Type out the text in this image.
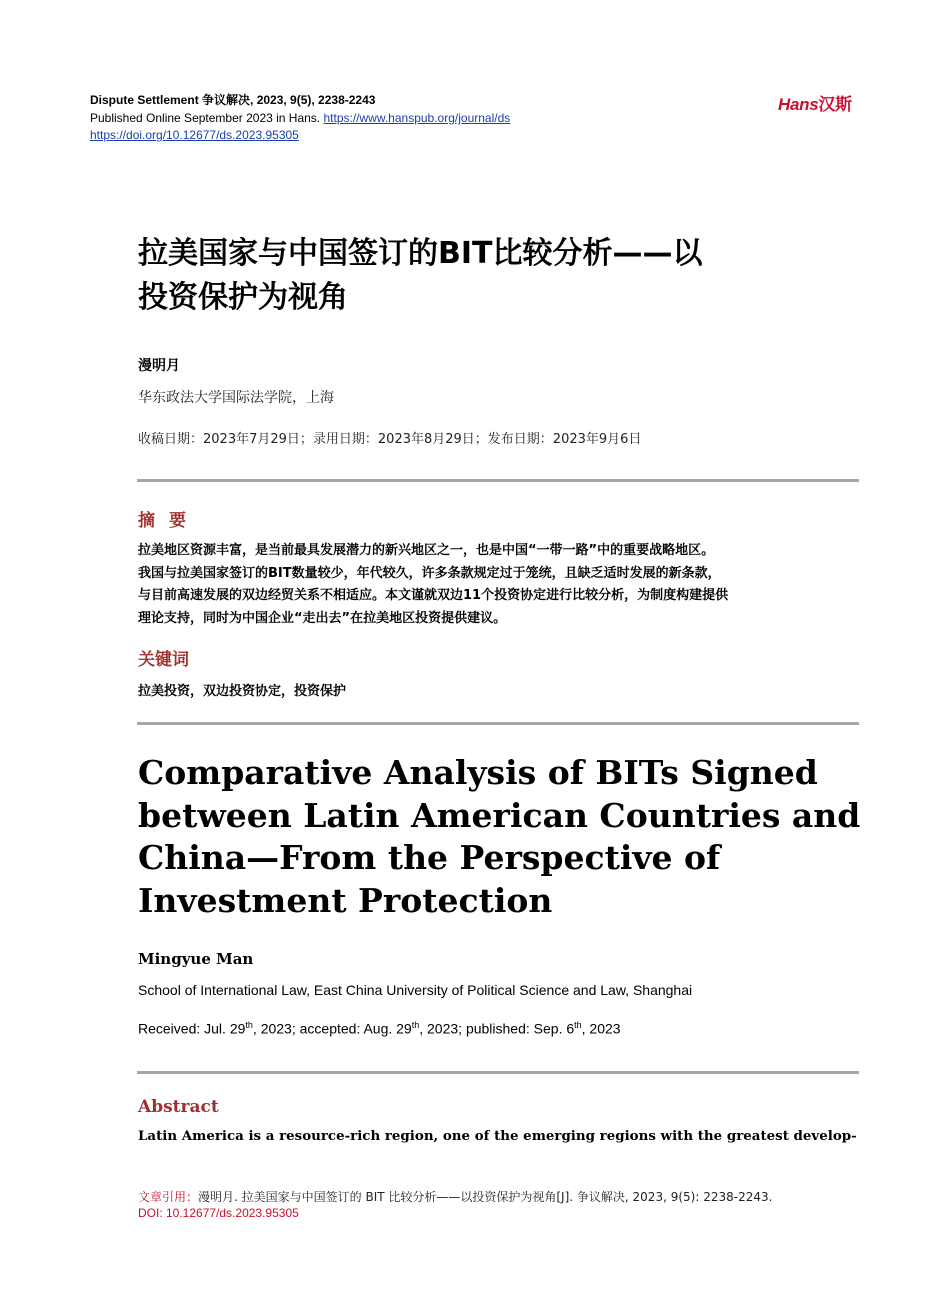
Dispute Settlement 争议解决, 2023, 9(5), 2238-2243
Published Online September 2023 in Hans. https://www.hanspub.org/journal/ds
https://doi.org/10.12677/ds.2023.95305
Hans汉斯
拉美国家与中国签订的BIT比较分析——以
投资保护为视角
漫明月
华东政法大学国际法学院，上海
收稿日期：2023年7月29日；录用日期：2023年8月29日；发布日期：2023年9月6日
摘要
拉美地区资源丰富，是当前最具发展潜力的新兴地区之一，也是中国“一带一路”中的重要战略地区。
我国与拉美国家签订的BIT数量较少，年代较久，许多条款规定过于笼统，且缺乏适时发展的新条款，
与目前高速发展的双边经贸关系不相适应。本文谨就双边11个投资协定进行比较分析，为制度构建提供
理论支持，同时为中国企业“走出去”在拉美地区投资提供建议。
关键词
拉美投资，双边投资协定，投资保护
Comparative Analysis of BITs Signed
between Latin American Countries and
China—From the Perspective of
Investment Protection
Mingyue Man
School of International Law, East China University of Political Science and Law, Shanghai
Received: Jul. 29th, 2023; accepted: Aug. 29th, 2023; published: Sep. 6th, 2023
Abstract
Latin America is a resource-rich region, one of the emerging regions with the greatest develop-
文章引用：漫明月. 拉美国家与中国签订的 BIT 比较分析——以投资保护为视角[J]. 争议解决, 2023, 9(5): 2238-2243.
DOI: 10.12677/ds.2023.95305
